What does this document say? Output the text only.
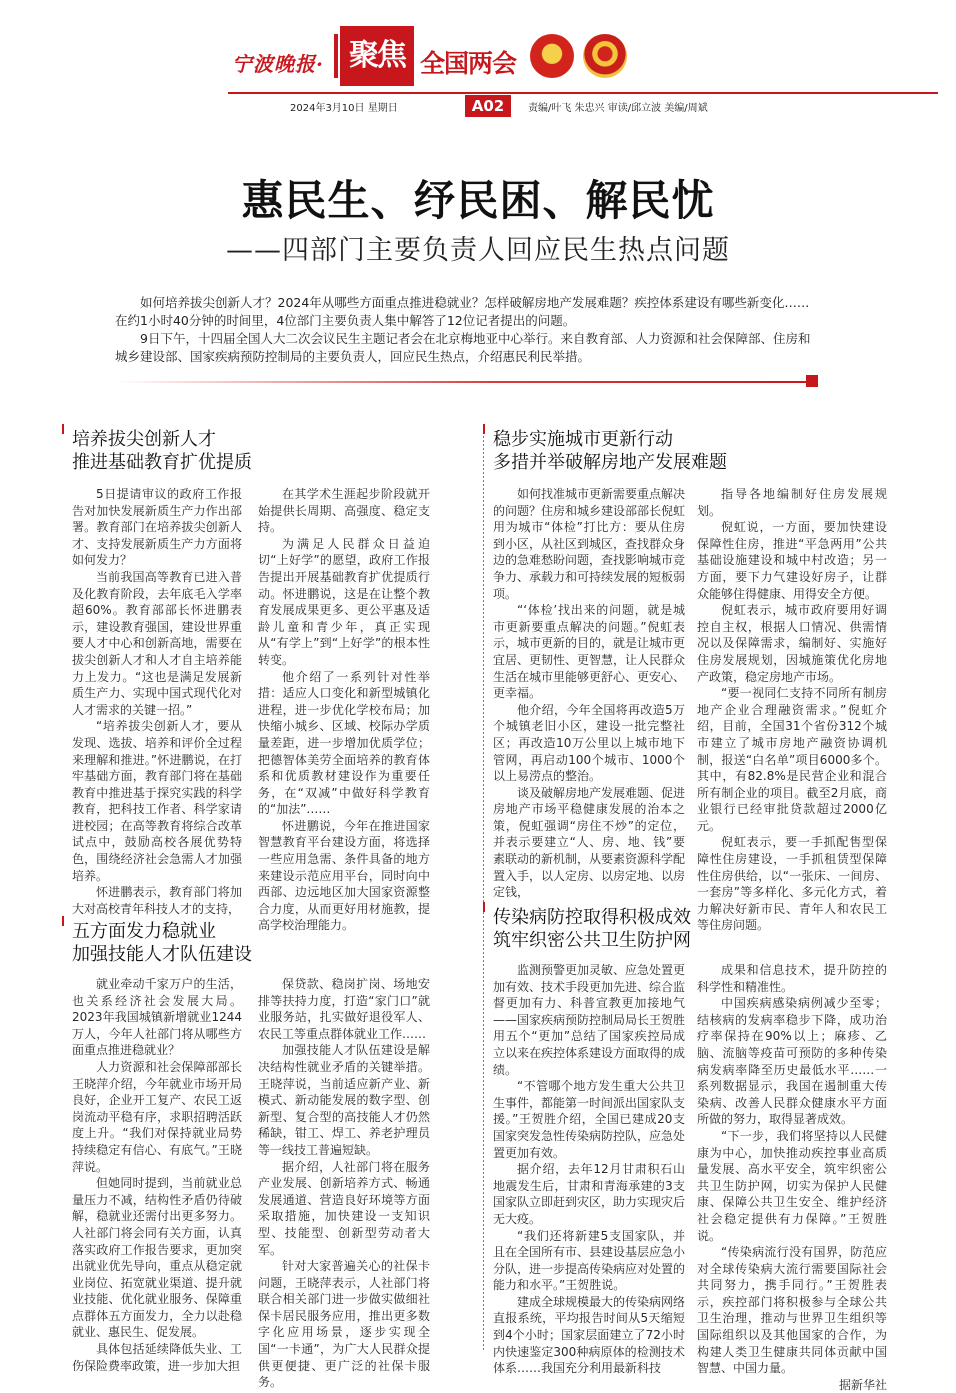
宁波晚报· 聚焦 全国两会
2024年3月10日 星期日	A02	责编/叶飞 朱忠兴 审读/邱立波 美编/周斌
惠民生、纾民困、解民忧
——四部门主要负责人回应民生热点问题

如何培养拔尖创新人才？2024年从哪些方面重点推进稳就业？怎样破解房地产发展难题？疾控体系建设有哪些新变化……在约1小时40分钟的时间里，4位部门主要负责人集中解答了12位记者提出的问题。

9日下午，十四届全国人大二次会议民生主题记者会在北京梅地亚中心举行。来自教育部、人力资源和社会保障部、住房和城乡建设部、国家疾病预防控制局的主要负责人，回应民生热点，介绍惠民利民举措。

培养拔尖创新人才
推进基础教育扩优提质

5日提请审议的政府工作报告对加快发展新质生产力作出部署。教育部门在培养拔尖创新人才、支持发展新质生产力方面将如何发力？

当前我国高等教育已进入普及化教育阶段，去年底毛入学率超60%。教育部部长怀进鹏表示，建设教育强国，建设世界重要人才中心和创新高地，需要在拔尖创新人才和人才自主培养能力上发力。“这也是满足发展新质生产力、实现中国式现代化对人才需求的关键一招。”

“培养拔尖创新人才，要从发现、选拔、培养和评价全过程来理解和推进。”怀进鹏说，在打牢基础方面，教育部门将在基础教育中推进基于探究实践的科学教育，把科技工作者、科学家请进校园；在高等教育将综合改革试点中，鼓励高校各展优势特色，围绕经济社会急需人才加强培养。

怀进鹏表示，教育部门将加大对高校青年科技人才的支持，

在其学术生涯起步阶段就开始提供长周期、高强度、稳定支持。

为满足人民群众日益迫切“上好学”的愿望，政府工作报告提出开展基础教育扩优提质行动。怀进鹏说，这是在让整个教育发展成果更多、更公平惠及适龄儿童和青少年，真正实现从“有学上”到“上好学”的根本性转变。

他介绍了一系列针对性举措：适应人口变化和新型城镇化进程，进一步优化学校布局；加快缩小城乡、区域、校际办学质量差距，进一步增加优质学位；把德智体美劳全面培养的教育体系和优质教材建设作为重要任务，在“双减”中做好科学教育的“加法”……

怀进鹏说，今年在推进国家智慧教育平台建设方面，将选择一些应用急需、条件具备的地方来建设示范应用平台，同时向中西部、边远地区加大国家资源整合力度，从而更好用材施教，提高学校治理能力。

稳步实施城市更新行动
多措并举破解房地产发展难题

如何找准城市更新需要重点解决的问题？住房和城乡建设部部长倪虹用为城市“体检”打比方：要从住房到小区，从社区到城区，查找群众身边的急难愁盼问题，查找影响城市竞争力、承载力和可持续发展的短板弱项。

“‘体检’找出来的问题，就是城市更新要重点解决的问题。”倪虹表示，城市更新的目的，就是让城市更宜居、更韧性、更智慧，让人民群众生活在城市里能够更舒心、更安心、更幸福。

他介绍，今年全国将再改造5万个城镇老旧小区，建设一批完整社区；再改造10万公里以上城市地下管网，再启动100个城市、1000个以上易涝点的整治。

谈及破解房地产发展难题、促进房地产市场平稳健康发展的治本之策，倪虹强调“房住不炒”的定位，并表示要建立“人、房、地、钱”要素联动的新机制，从要素资源科学配置入手，以人定房、以房定地、以房定钱，

指导各地编制好住房发展规划。

倪虹说，一方面，要加快建设保障性住房，推进“平急两用”公共基础设施建设和城中村改造；另一方面，要下力气建设好房子，让群众能够住得健康、用得安全方便。

倪虹表示，城市政府要用好调控自主权，根据人口情况、供需情况以及保障需求，编制好、实施好住房发展规划，因城施策优化房地产政策，稳定房地产市场。

“要一视同仁支持不同所有制房地产企业合理融资需求。”倪虹介绍，目前，全国31个省份312个城市建立了城市房地产融资协调机制，报送“白名单”项目6000多个。其中，有82.8%是民营企业和混合所有制企业的项目。截至2月底，商业银行已经审批贷款超过2000亿元。

倪虹表示，要一手抓配售型保障性住房建设，一手抓租赁型保障性住房供给，以“一张床、一间房、一套房”等多样化、多元化方式，着力解决好新市民、青年人和农民工等住房问题。

五方面发力稳就业
加强技能人才队伍建设

就业牵动千家万户的生活，也关系经济社会发展大局。2023年我国城镇新增就业1244万人，今年人社部门将从哪些方面重点推进稳就业？

人力资源和社会保障部部长王晓萍介绍，今年就业市场开局良好，企业开工复产、农民工返岗流动平稳有序，求职招聘活跃度上升。“我们对保持就业局势持续稳定有信心、有底气。”王晓萍说。

但她同时提到，当前就业总量压力不减，结构性矛盾仍待破解，稳就业还需付出更多努力。人社部门将会同有关方面，认真落实政府工作报告要求，更加突出就业优先导向，重点从稳定就业岗位、拓宽就业渠道、提升就业技能、优化就业服务、保障重点群体五方面发力，全力以赴稳就业、惠民生、促发展。

具体包括延续降低失业、工伤保险费率政策，进一步加大担

保贷款、稳岗扩岗、场地安排等扶持力度，打造“家门口”就业服务站，扎实做好退役军人、农民工等重点群体就业工作……

加强技能人才队伍建设是解决结构性就业矛盾的关键举措。王晓萍说，当前适应新产业、新模式、新动能发展的数字型、创新型、复合型的高技能人才仍然稀缺，钳工、焊工、养老护理员等一线技工普遍短缺。

据介绍，人社部门将在服务产业发展、创新培养方式、畅通发展通道、营造良好环境等方面采取措施，加快建设一支知识型、技能型、创新型劳动者大军。

针对大家普遍关心的社保卡问题，王晓萍表示，人社部门将联合相关部门进一步做实做细社保卡居民服务应用，推出更多数字化应用场景，逐步实现全国“一卡通”，为广大人民群众提供更便捷、更广泛的社保卡服务。

传染病防控取得积极成效
筑牢织密公共卫生防护网

监测预警更加灵敏、应急处置更加有效、技术手段更加先进、综合监督更加有力、科普宣教更加接地气——国家疾病预防控制局局长王贺胜用五个“更加”总结了国家疾控局成立以来在疾控体系建设方面取得的成绩。

“不管哪个地方发生重大公共卫生事件，都能第一时间派出国家队支援。”王贺胜介绍，全国已建成20支国家突发急性传染病防控队，应急处置更加有效。

据介绍，去年12月甘肃积石山地震发生后，甘肃和青海承建的3支国家队立即赶到灾区，助力实现灾后无大疫。

“我们还将新建5支国家队，并且在全国所有市、县建设基层应急小分队，进一步提高传染病应对处置的能力和水平。”王贺胜说。

建成全球规模最大的传染病网络直报系统，平均报告时间从5天缩短到4个小时；国家层面建立了72小时内快速鉴定300种病原体的检测技术体系……我国充分利用最新科技

成果和信息技术，提升防控的科学性和精准性。

中国疾病感染病例减少至零；结核病的发病率稳步下降，成功治疗率保持在90%以上；麻疹、乙脑、流脑等疫苗可预防的多种传染病发病率降至历史最低水平……一系列数据显示，我国在遏制重大传染病、改善人民群众健康水平方面所做的努力，取得显著成效。

“下一步，我们将坚持以人民健康为中心，加快推动疾控事业高质量发展、高水平安全，筑牢织密公共卫生防护网，切实为保护人民健康、保障公共卫生安全、维护经济社会稳定提供有力保障。”王贺胜说。

“传染病流行没有国界，防范应对全球传染病大流行需要国际社会共同努力，携手同行。”王贺胜表示，疾控部门将积极参与全球公共卫生治理，推动与世界卫生组织等国际组织以及其他国家的合作，为构建人类卫生健康共同体贡献中国智慧、中国力量。

据新华社
